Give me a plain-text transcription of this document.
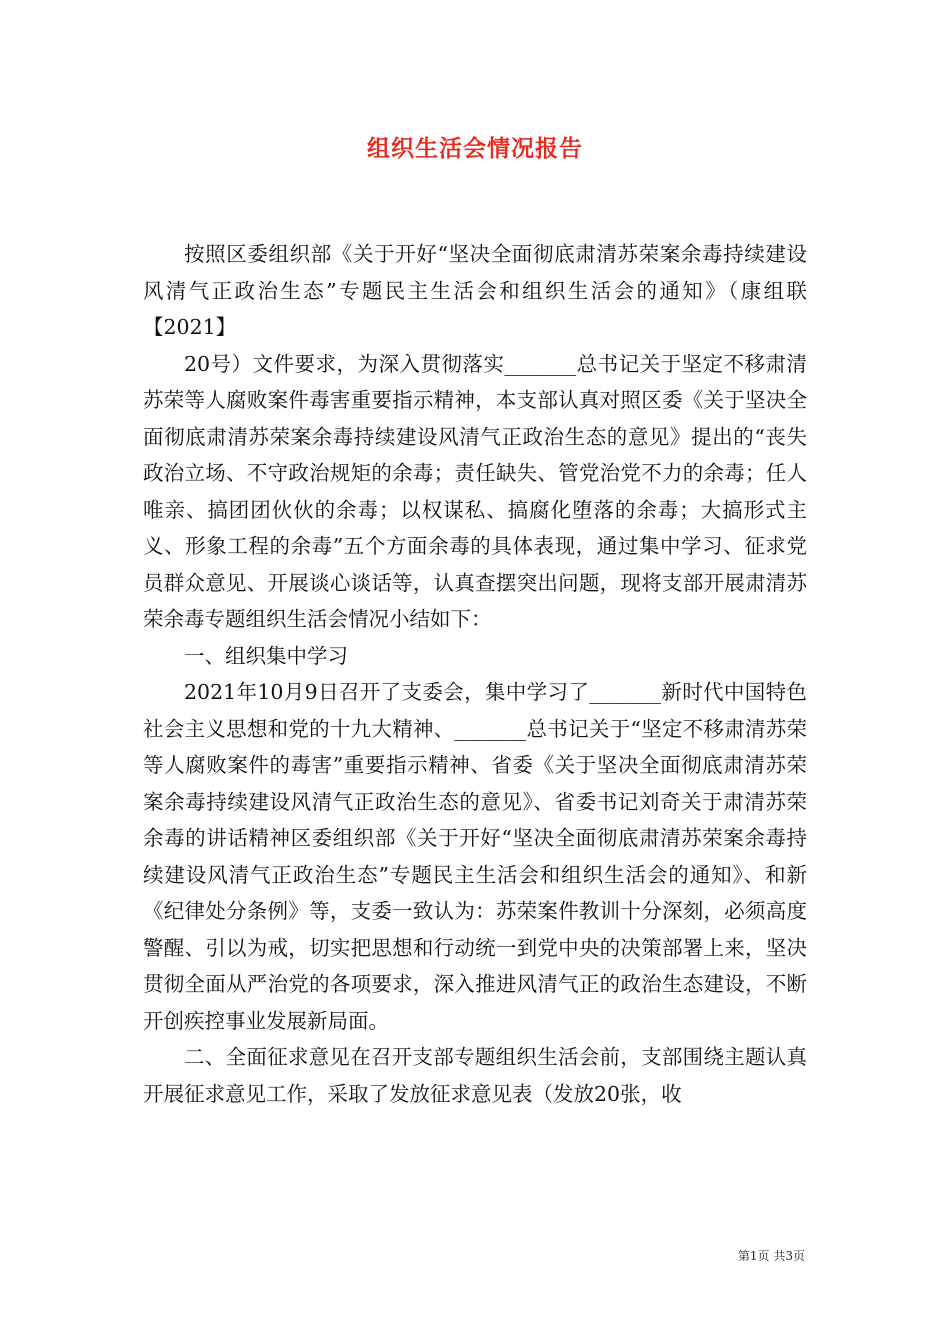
组织生活会情况报告

按照区委组织部《关于开好“坚决全面彻底肃清苏荣案余毒持续建设风清气正政治生态”专题民主生活会和组织生活会的通知》（康组联【2021】

20号）文件要求，为深入贯彻落实_______总书记关于坚定不移肃清苏荣等人腐败案件毒害重要指示精神，本支部认真对照区委《关于坚决全面彻底肃清苏荣案余毒持续建设风清气正政治生态的意见》提出的“丧失政治立场、不守政治规矩的余毒；责任缺失、管党治党不力的余毒；任人唯亲、搞团团伙伙的余毒；以权谋私、搞腐化堕落的余毒；大搞形式主义、形象工程的余毒”五个方面余毒的具体表现，通过集中学习、征求党员群众意见、开展谈心谈话等，认真查摆突出问题，现将支部开展肃清苏荣余毒专题组织生活会情况小结如下：

一、组织集中学习

2021年10月9日召开了支委会，集中学习了_______新时代中国特色社会主义思想和党的十九大精神、_______总书记关于“坚定不移肃清苏荣等人腐败案件的毒害”重要指示精神、省委《关于坚决全面彻底肃清苏荣案余毒持续建设风清气正政治生态的意见》、省委书记刘奇关于肃清苏荣余毒的讲话精神区委组织部《关于开好“坚决全面彻底肃清苏荣案余毒持续建设风清气正政治生态”专题民主生活会和组织生活会的通知》、和新《纪律处分条例》等，支委一致认为：苏荣案件教训十分深刻，必须高度警醒、引以为戒，切实把思想和行动统一到党中央的决策部署上来，坚决贯彻全面从严治党的各项要求，深入推进风清气正的政治生态建设，不断开创疾控事业发展新局面。

二、全面征求意见在召开支部专题组织生活会前，支部围绕主题认真开展征求意见工作，采取了发放征求意见表（发放20张，收

第1页 共3页
